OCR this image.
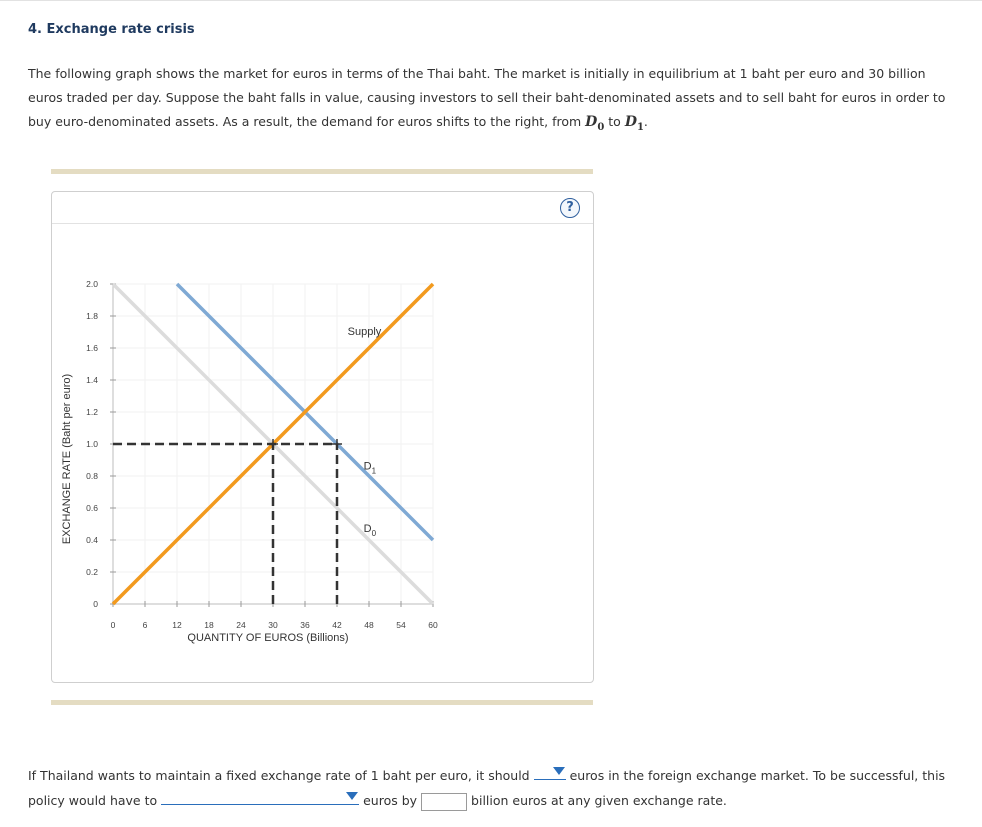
4. Exchange rate crisis
The following graph shows the market for euros in terms of the Thai baht. The market is initially in equilibrium at 1 baht per euro and 30 billion euros traded per day. Suppose the baht falls in value, causing investors to sell their baht-denominated assets and to sell baht for euros in order to buy euro-denominated assets. As a result, the demand for euros shifts to the right, from $D_0$ to $D_1$.
?
0	6	12	18	24	30	36	42	48	54	60
0
0.2
0.4
0.6
0.8
1.0
1.2
1.4
1.6
1.8
2.0
QUANTITY OF EUROS (Billions)
EXCHANGE RATE (Baht per euro)	$D_0$
$D_1$
Supply
If Thailand wants to maintain a fixed exchange rate of 1 baht per euro, it should	euros in the foreign exchange market. To be successful, this policy would have to	euros by	billion euros at any given exchange rate.
